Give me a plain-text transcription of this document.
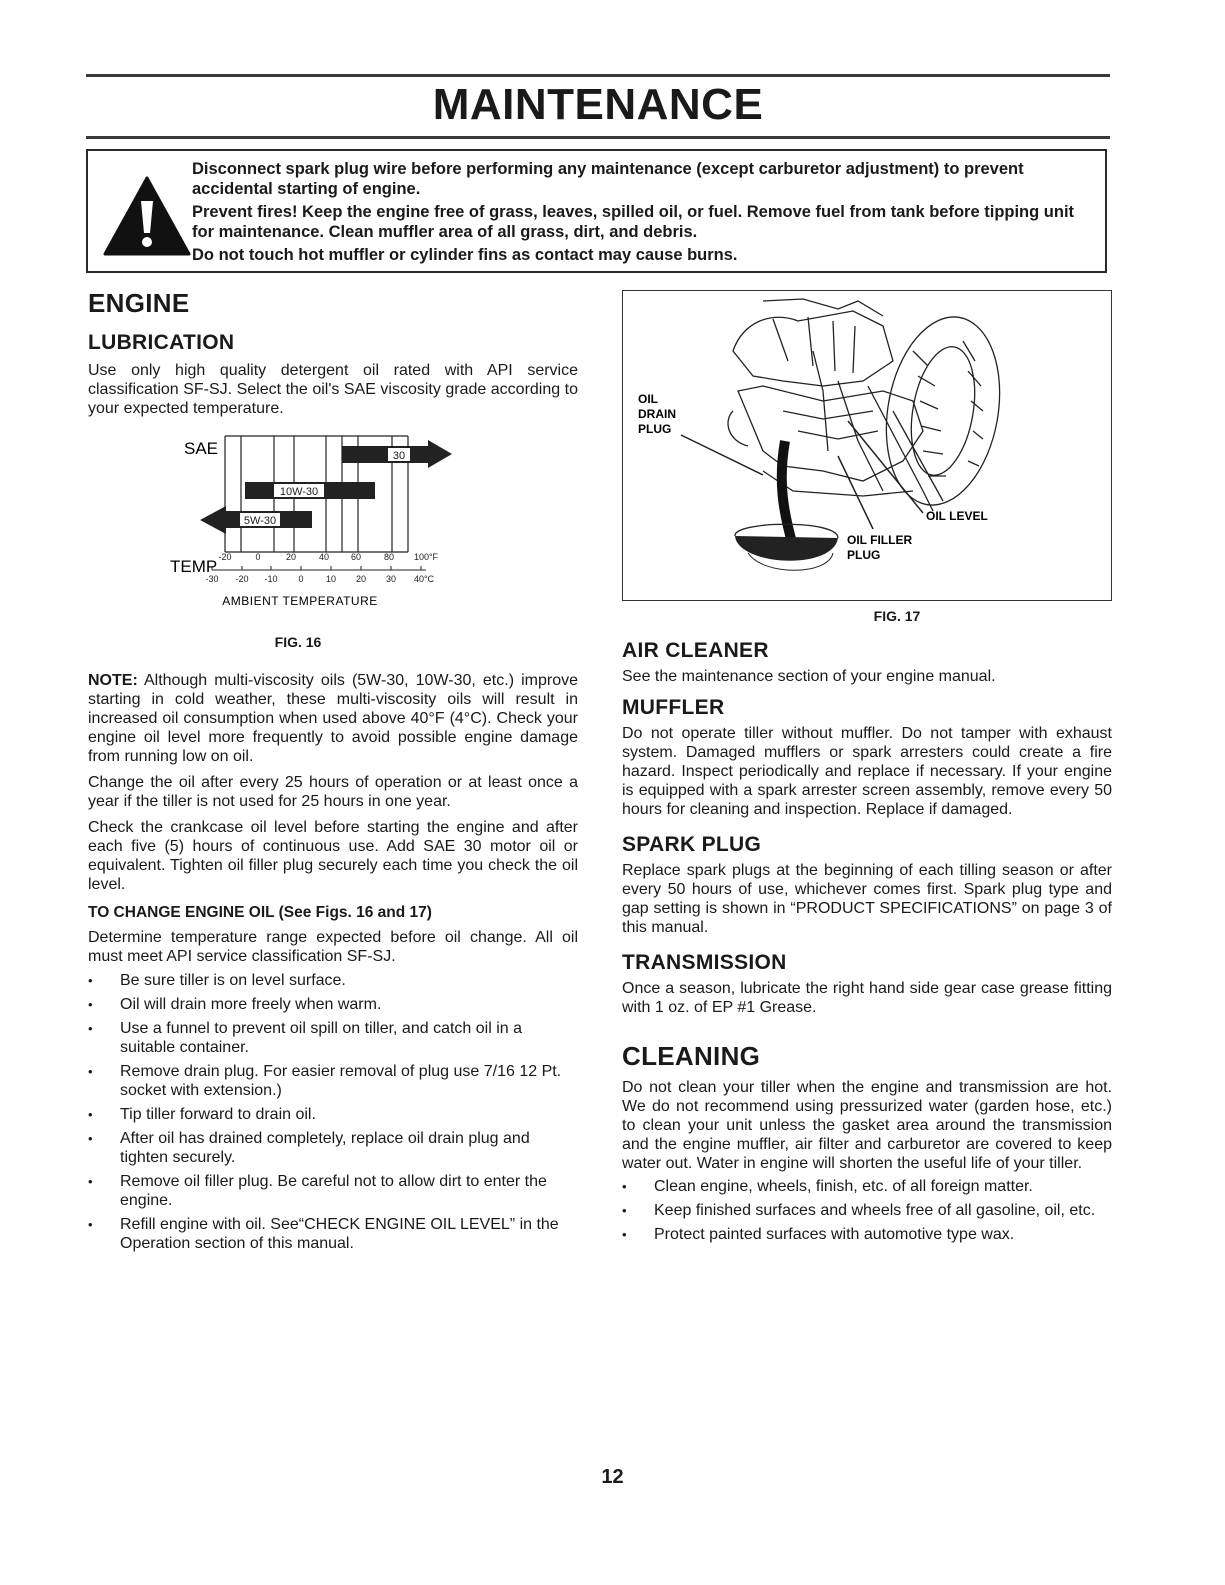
MAINTENANCE

Disconnect spark plug wire before performing any maintenance (except carburetor adjustment) to prevent accidental starting of engine.

Prevent fires! Keep the engine free of grass, leaves, spilled oil, or fuel. Remove fuel from tank before tipping unit for maintenance. Clean muffler area of all grass, dirt, and debris.

Do not touch hot muffler or cylinder fins as contact may cause burns.

ENGINE
LUBRICATION

Use only high quality detergent oil rated with API service classification SF-SJ. Select the oil's SAE viscosity grade according to your expected temperature.

SAE	30
10W-30
5W-30
TEMP -20	0	20	40 60	80 100°F
-30 -20 -10 0 10 20 30 40°C
AMBIENT TEMPERATURE
FIG. 16

NOTE: Although multi-viscosity oils (5W-30, 10W-30, etc.) improve starting in cold weather, these multi-viscosity oils will result in increased oil consumption when used above 40°F (4°C). Check your engine oil level more frequently to avoid possible engine damage from running low on oil.

Change the oil after every 25 hours of operation or at least once a year if the tiller is not used for 25 hours in one year.

Check the crankcase oil level before starting the engine and after each five (5) hours of continuous use. Add SAE 30 motor oil or equivalent. Tighten oil filler plug securely each time you check the oil level.

TO CHANGE ENGINE OIL (See Figs. 16 and 17)

Determine temperature range expected before oil change. All oil must meet API service classification SF-SJ.

• Be sure tiller is on level surface.
• Oil will drain more freely when warm.
• Use a funnel to prevent oil spill on tiller, and catch oil in a suitable container.
• Remove drain plug. For easier removal of plug use 7/16 12 Pt. socket with extension.)
• Tip tiller forward to drain oil.
• After oil has drained completely, replace oil drain plug and tighten securely.
• Remove oil filler plug. Be careful not to allow dirt to enter the engine.
• Refill engine with oil. See“CHECK ENGINE OIL LEVEL” in the Operation section of this manual.
OIL
DRAIN
PLUG
OIL LEVEL
OIL FILLER
PLUG
FIG. 17
AIR CLEANER

See the maintenance section of your engine manual.

MUFFLER

Do not operate tiller without muffler. Do not tamper with exhaust system. Damaged mufflers or spark arresters could create a fire hazard. Inspect periodically and replace if necessary. If your engine is equipped with a spark arrester screen assembly, remove every 50 hours for cleaning and inspection. Replace if damaged.

SPARK PLUG

Replace spark plugs at the beginning of each tilling season or after every 50 hours of use, whichever comes first. Spark plug type and gap setting is shown in “PRODUCT SPECIFICATIONS” on page 3 of this manual.

TRANSMISSION

Once a season, lubricate the right hand side gear case grease fitting with 1 oz. of EP #1 Grease.

CLEANING

Do not clean your tiller when the engine and transmission are hot. We do not recommend using pressurized water (garden hose, etc.) to clean your unit unless the gasket area around the transmission and the engine muffler, air filter and carburetor are covered to keep water out. Water in engine will shorten the useful life of your tiller.

• Clean engine, wheels, finish, etc. of all foreign matter.
• Keep finished surfaces and wheels free of all gasoline, oil, etc.
• Protect painted surfaces with automotive type wax.
12
